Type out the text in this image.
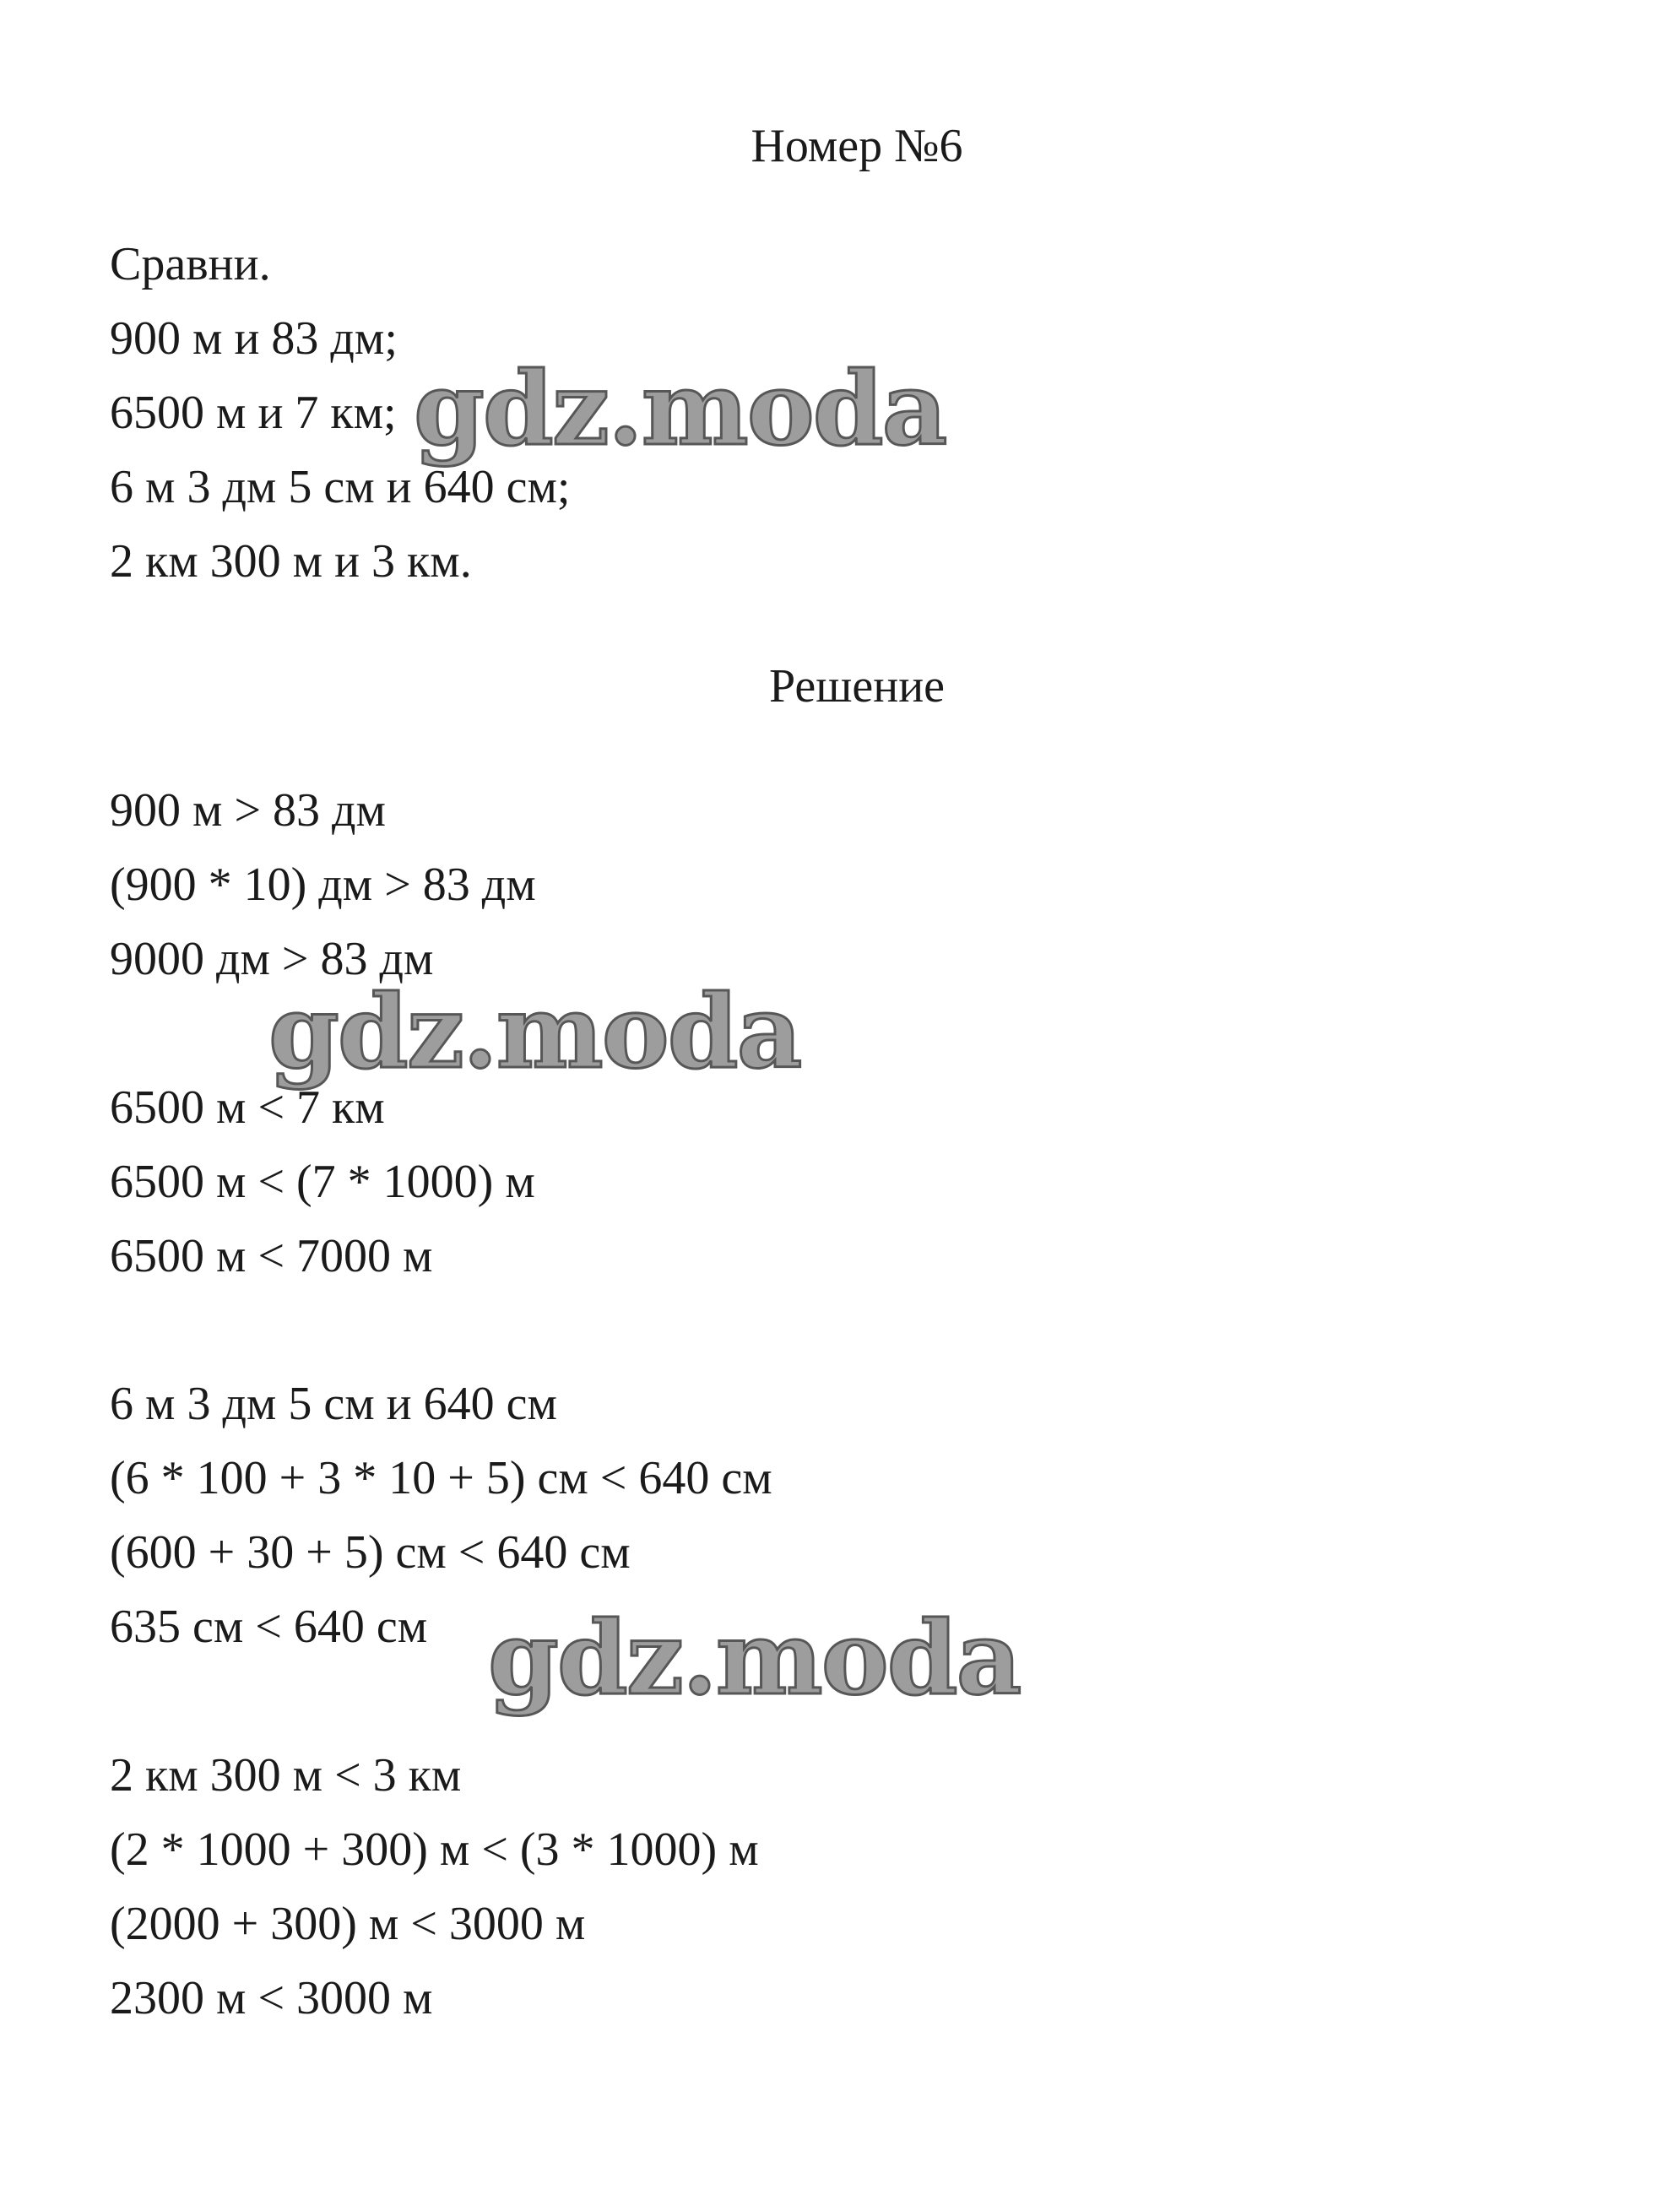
Номер №6
Сравни.
900 м и 83 дм;
6500 м и 7 км;
6 м 3 дм 5 см и 640 см;
2 км 300 м и 3 км.
Решение
900 м > 83 дм
(900 * 10) дм > 83 дм
9000 дм > 83 дм
6500 м < 7 км
6500 м < (7 * 1000) м
6500 м < 7000 м
6 м 3 дм 5 см и 640 см
(6 * 100 + 3 * 10 + 5) см < 640 см
(600 + 30 + 5) см < 640 см
635 см < 640 см
2 км 300 м < 3 км
(2 * 1000 + 300) м < (3 * 1000) м
(2000 + 300) м < 3000 м
2300 м < 3000 м
gdz.moda
gdz.moda
gdz.moda
